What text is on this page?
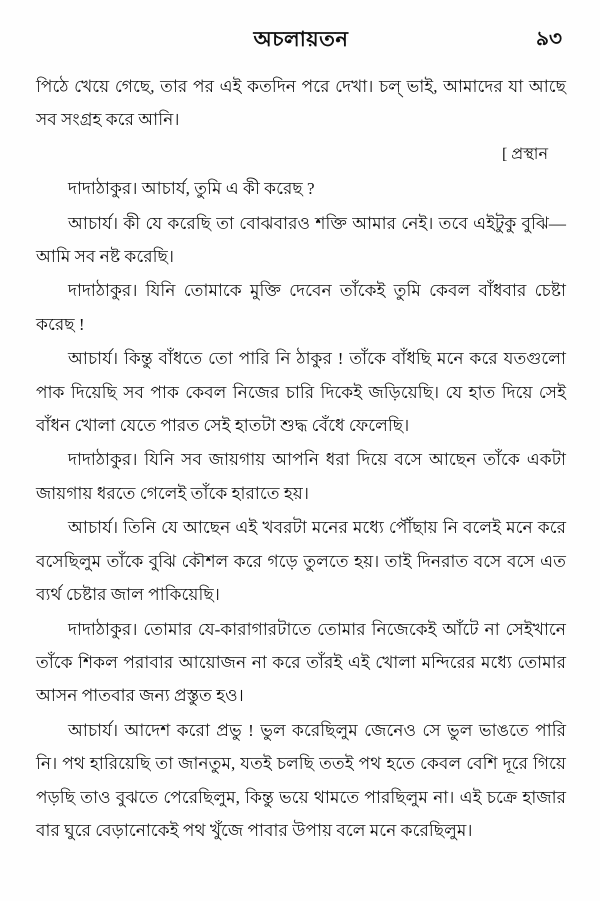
অচলায়তন	৯৩

পিঠে খেয়ে গেছে, তার পর এই কতদিন পরে দেখা। চল্‌ ভাই, আমাদের যা আছে সব সংগ্রহ করে আনি।

[ প্রস্থান

দাদাঠাকুর। আচার্য, তুমি এ কী করেছ ?

আচার্য। কী যে করেছি তা বোঝবারও শক্তি আমার নেই। তবে এইটুকু বুঝি— আমি সব নষ্ট করেছি।

দাদাঠাকুর। যিনি তোমাকে মুক্তি দেবেন তাঁকেই তুমি কেবল বাঁধবার চেষ্টা করেছ !

আচার্য। কিন্তু বাঁধতে তো পারি নি ঠাকুর ! তাঁকে বাঁধছি মনে করে যতগুলো পাক দিয়েছি সব পাক কেবল নিজের চারি দিকেই জড়িয়েছি। যে হাত দিয়ে সেই বাঁধন খোলা যেতে পারত সেই হাতটা শুদ্ধ বেঁধে ফেলেছি।

দাদাঠাকুর। যিনি সব জায়গায় আপনি ধরা দিয়ে বসে আছেন তাঁকে একটা জায়গায় ধরতে গেলেই তাঁকে হারাতে হয়।

আচার্য। তিনি যে আছেন এই খবরটা মনের মধ্যে পৌঁছায় নি বলেই মনে করে বসেছিলুম তাঁকে বুঝি কৌশল করে গড়ে তুলতে হয়। তাই দিনরাত বসে বসে এত ব্যর্থ চেষ্টার জাল পাকিয়েছি।

দাদাঠাকুর। তোমার যে-কারাগারটাতে তোমার নিজেকেই আঁটে না সেইখানে তাঁকে শিকল পরাবার আয়োজন না করে তাঁরই এই খোলা মন্দিরের মধ্যে তোমার আসন পাতবার জন্য প্রস্তুত হও।

আচার্য। আদেশ করো প্রভু ! ভুল করেছিলুম জেনেও সে ভুল ভাঙতে পারি নি। পথ হারিয়েছি তা জানতুম, যতই চলছি ততই পথ হতে কেবল বেশি দূরে গিয়ে পড়ছি তাও বুঝতে পেরেছিলুম, কিন্তু ভয়ে থামতে পারছিলুম না। এই চক্রে হাজার বার ঘুরে বেড়ানোকেই পথ খুঁজে পাবার উপায় বলে মনে করেছিলুম।
